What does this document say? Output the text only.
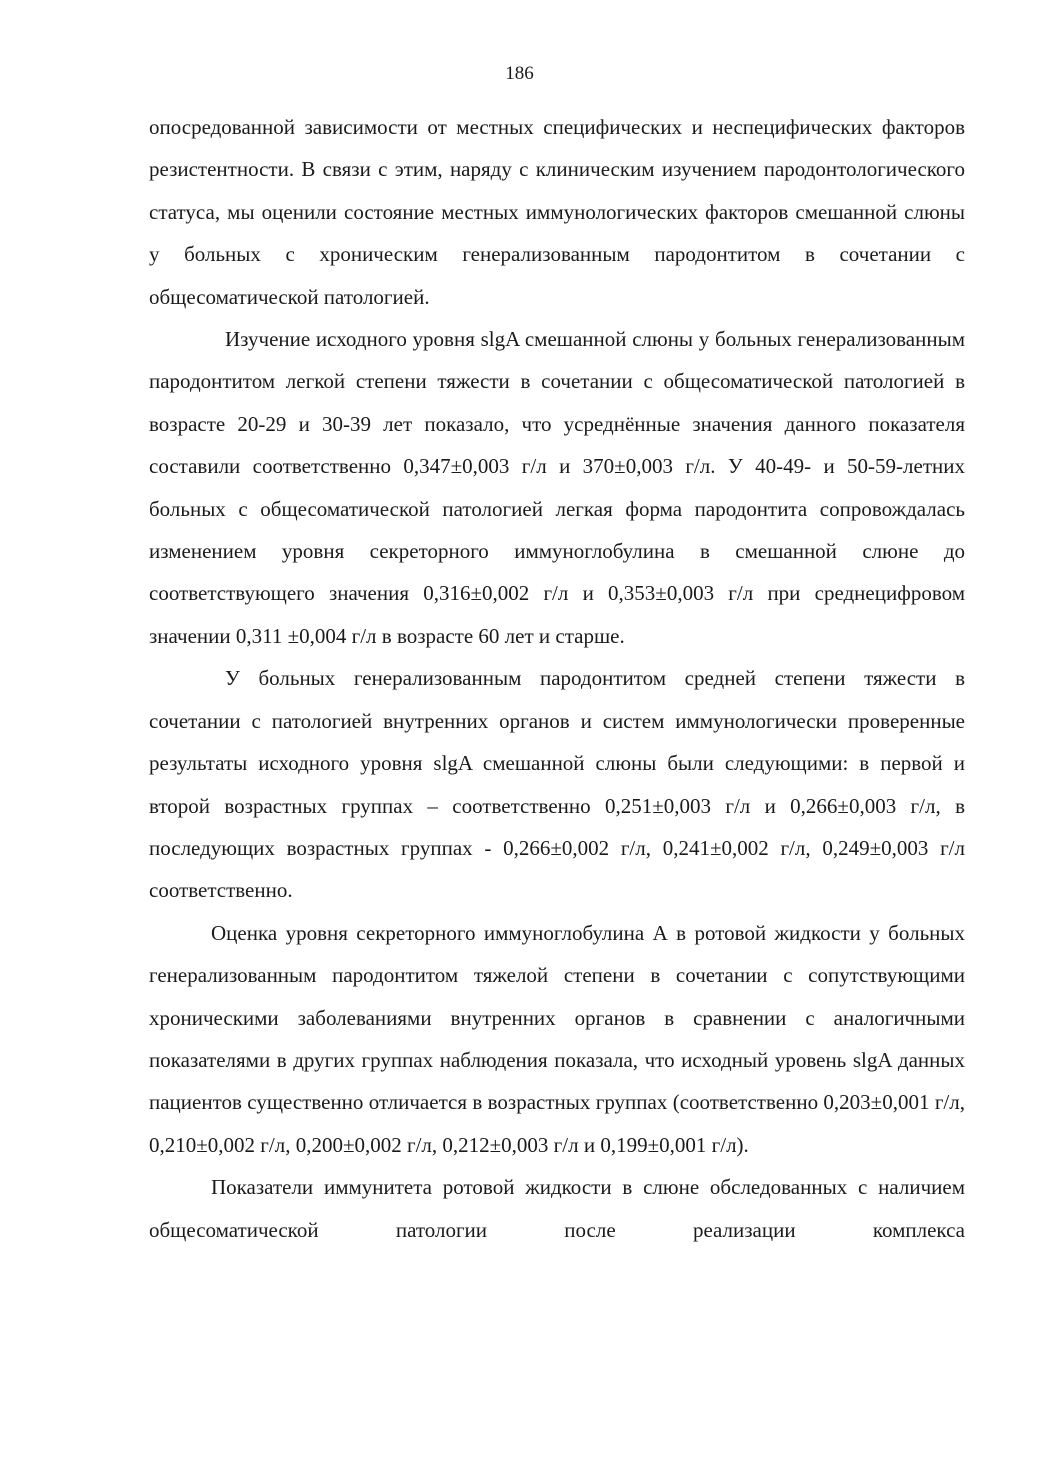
186

опосредованной зависимости от местных специфических и неспецифических факторов резистентности. В связи с этим, наряду с клиническим изучением пародонтологического статуса, мы оценили состояние местных иммунологических факторов смешанной слюны у больных с хроническим генерализованным пародонтитом в сочетании с общесоматической патологией.

Изучение исходного уровня slgA смешанной слюны у больных генерализованным пародонтитом легкой степени тяжести в сочетании с общесоматической патологией в возрасте 20-29 и 30-39 лет показало, что усреднённые значения данного показателя составили соответственно 0,347±0,003 г/л и 370±0,003 г/л. У 40-49- и 50-59-летних больных с общесоматической патологией легкая форма пародонтита сопровождалась изменением уровня секреторного иммуноглобулина в смешанной слюне до соответствующего значения 0,316±0,002 г/л и 0,353±0,003 г/л при среднецифровом значении 0,311 ±0,004 г/л в возрасте 60 лет и старше.

У больных генерализованным пародонтитом средней степени тяжести в сочетании с патологией внутренних органов и систем иммунологически проверенные результаты исходного уровня slgA смешанной слюны были следующими: в первой и второй возрастных группах – соответственно 0,251±0,003 г/л и 0,266±0,003 г/л, в последующих возрастных группах - 0,266±0,002 г/л, 0,241±0,002 г/л, 0,249±0,003 г/л соответственно.

Оценка уровня секреторного иммуноглобулина А в ротовой жидкости у больных генерализованным пародонтитом тяжелой степени в сочетании с сопутствующими хроническими заболеваниями внутренних органов в сравнении с аналогичными показателями в других группах наблюдения показала, что исходный уровень slgA данных пациентов существенно отличается в возрастных группах (соответственно 0,203±0,001 г/л, 0,210±0,002 г/л, 0,200±0,002 г/л, 0,212±0,003 г/л и 0,199±0,001 г/л).

Показатели иммунитета ротовой жидкости в слюне обследованных с наличием общесоматической патологии после реализации комплекса
